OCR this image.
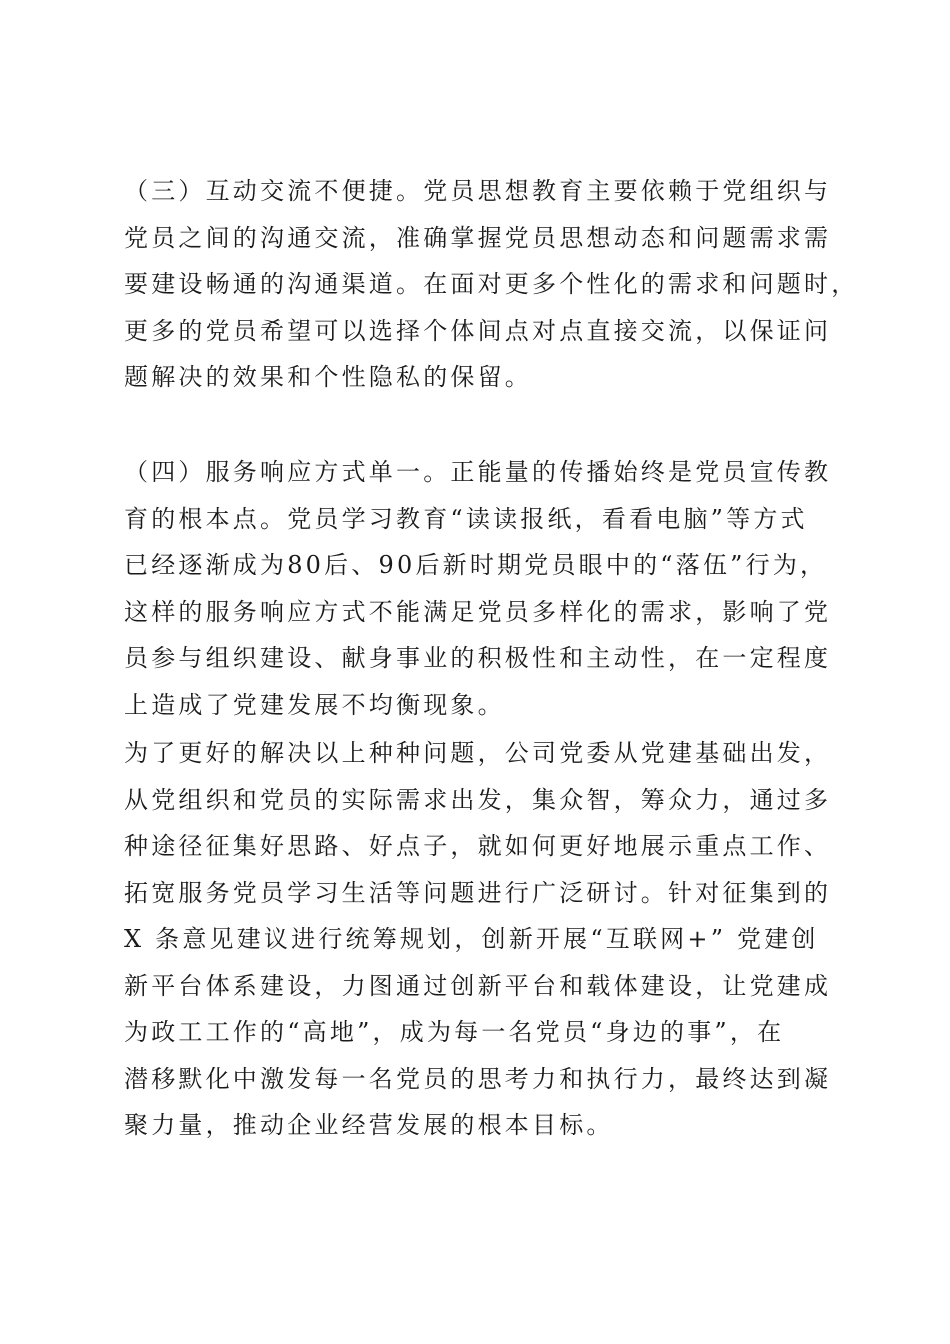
（三）互动交流不便捷。党员思想教育主要依赖于党组织与
党员之间的沟通交流，准确掌握党员思想动态和问题需求需
要建设畅通的沟通渠道。在面对更多个性化的需求和问题时，
更多的党员希望可以选择个体间点对点直接交流，以保证问
题解决的效果和个性隐私的保留。
（四）服务响应方式单一。正能量的传播始终是党员宣传教
育的根本点。党员学习教育“读读报纸，看看电脑”等方式
已经逐渐成为80后、90后新时期党员眼中的“落伍”行为，
这样的服务响应方式不能满足党员多样化的需求，影响了党
员参与组织建设、献身事业的积极性和主动性，在一定程度
上造成了党建发展不均衡现象。
为了更好的解决以上种种问题，公司党委从党建基础出发，
从党组织和党员的实际需求出发，集众智，筹众力，通过多
种途径征集好思路、好点子，就如何更好地展示重点工作、
拓宽服务党员学习生活等问题进行广泛研讨。针对征集到的
X 条意见建议进行统筹规划，创新开展“互联网+” 党建创
新平台体系建设，力图通过创新平台和载体建设，让党建成
为政工工作的“高地”，成为每一名党员“身边的事”，在
潜移默化中激发每一名党员的思考力和执行力，最终达到凝
聚力量，推动企业经营发展的根本目标。
